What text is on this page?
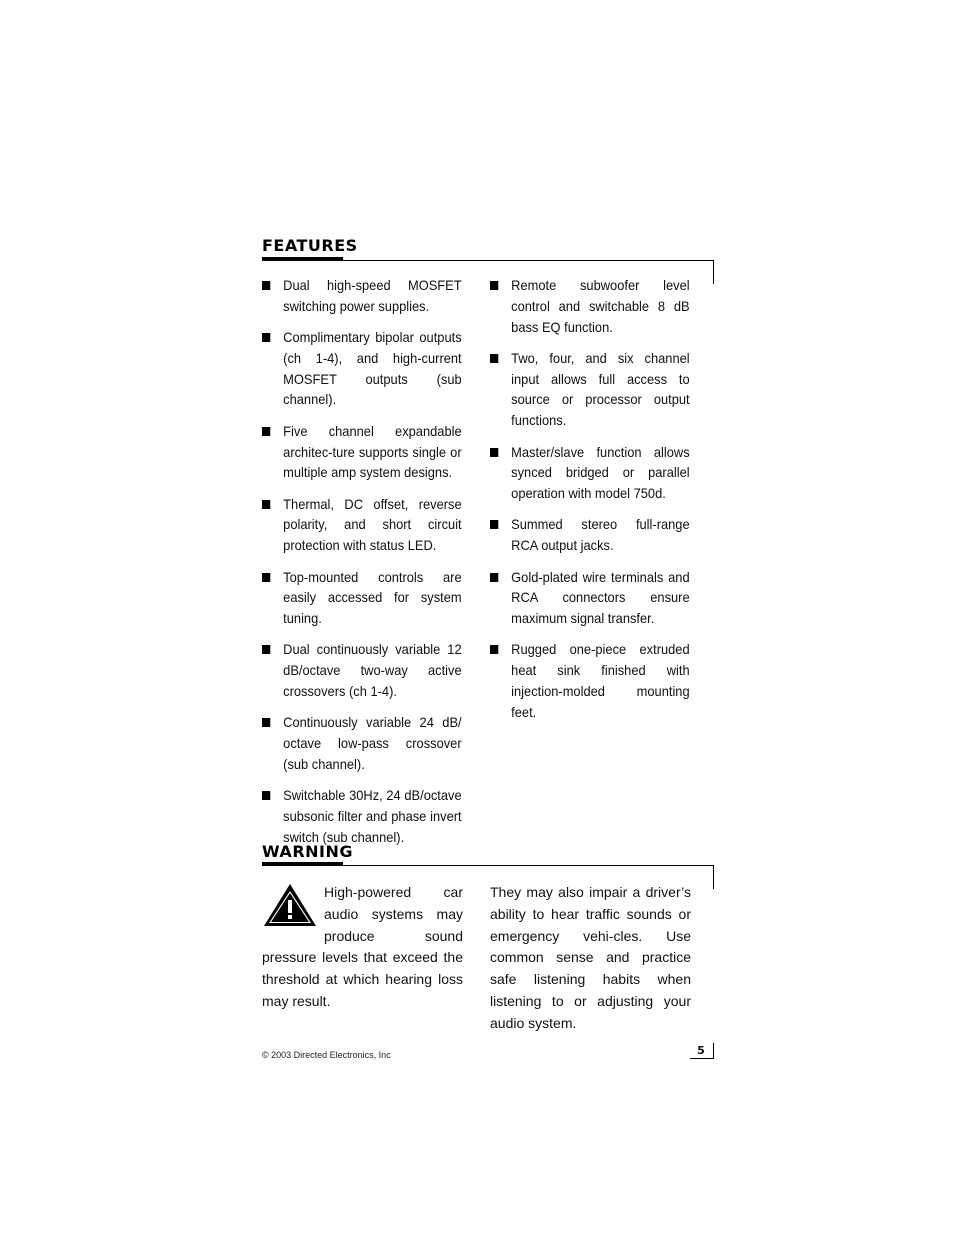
FEATURES
Dual high-speed MOSFET switching power supplies.
Complimentary bipolar outputs (ch 1-4), and high-current MOSFET outputs (sub channel).
Five channel expandable architec-ture supports single or multiple amp system designs.
Thermal, DC offset, reverse polarity, and short circuit protection with status LED.
Top-mounted controls are easily accessed for system tuning.
Dual continuously variable 12 dB/octave two-way active crossovers (ch 1-4).
Continuously variable 24 dB/ octave low-pass crossover (sub channel).
Switchable 30Hz, 24 dB/octave subsonic filter and phase invert switch (sub channel).
Remote subwoofer level control and switchable 8 dB bass EQ function.
Two, four, and six channel input allows full access to source or processor output functions.
Master/slave function allows synced bridged or parallel operation with model 750d.
Summed stereo full-range RCA output jacks.
Gold-plated wire terminals and RCA connectors ensure maximum signal transfer.
Rugged one-piece extruded heat sink finished with injection-molded mounting feet.
WARNING
High-powered car audio systems may produce sound pressure levels that exceed the threshold at which hearing loss may result.
They may also impair a driver’s ability to hear traffic sounds or emergency vehi-cles. Use common sense and practice safe listening habits when listening to or adjusting your audio system.
© 2003 Directed Electronics, Inc	5
